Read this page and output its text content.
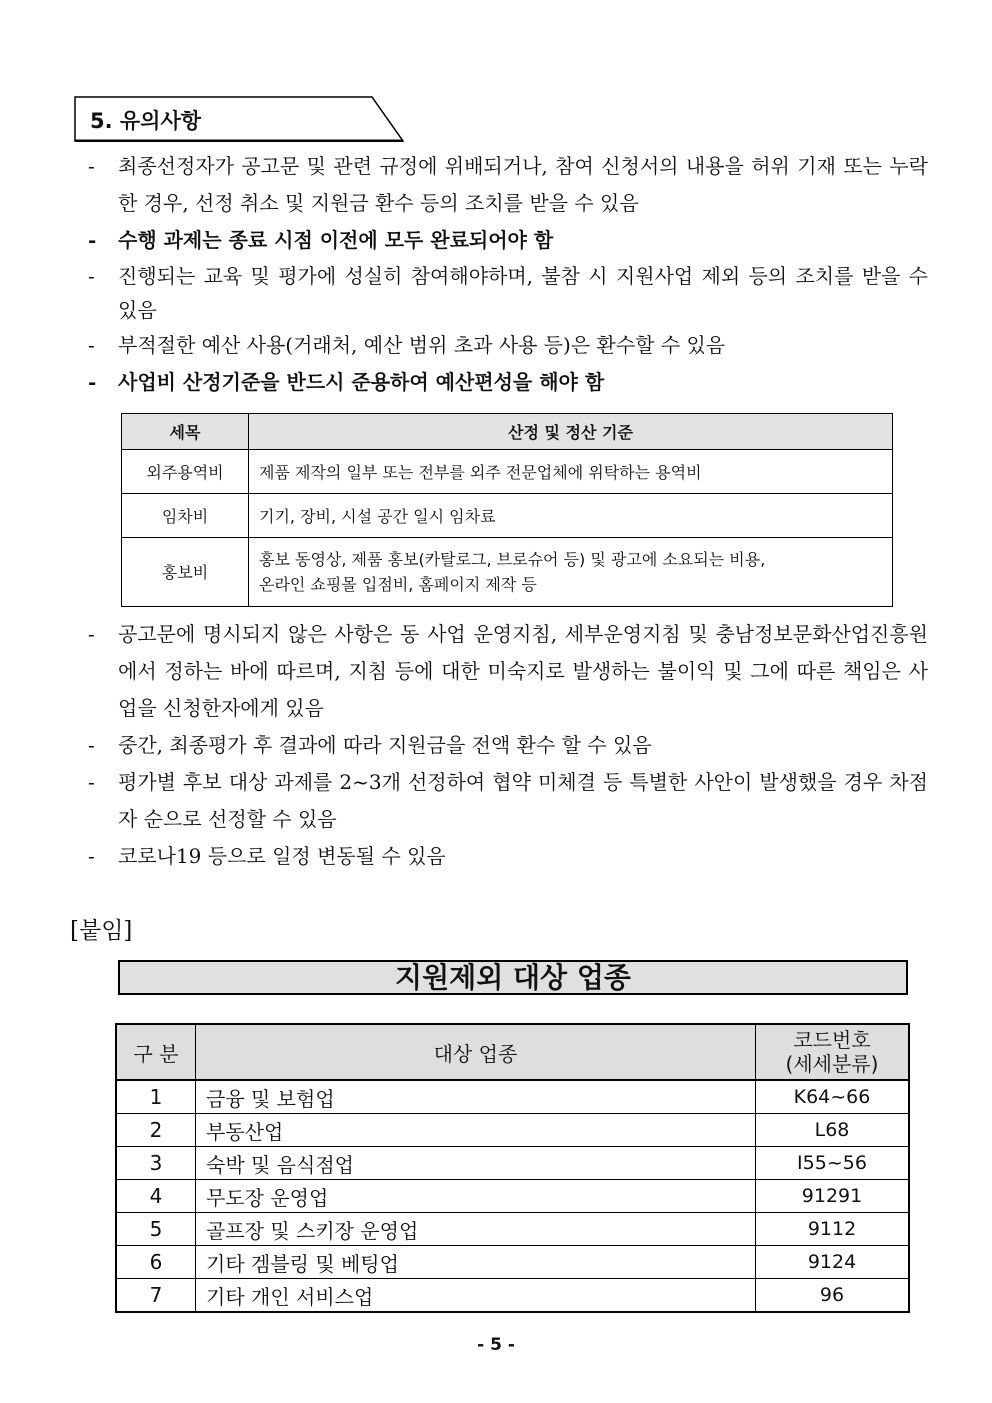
5. 유의사항
-	최종선정자가 공고문 및 관련 규정에 위배되거나, 참여 신청서의 내용을 허위 기재 또는 누락한 경우, 선정 취소 및 지원금 환수 등의 조치를 받을 수 있음
-	수행 과제는 종료 시점 이전에 모두 완료되어야 함
-	진행되는 교육 및 평가에 성실히 참여해야하며, 불참 시 지원사업 제외 등의 조치를 받을 수 있음
-	부적절한 예산 사용(거래처, 예산 범위 초과 사용 등)은 환수할 수 있음
-	사업비 산정기준을 반드시 준용하여 예산편성을 해야 함
세목	산정 및 정산 기준
외주용역비	제품 제작의 일부 또는 전부를 외주 전문업체에 위탁하는 용역비
임차비	기기, 장비, 시설 공간 일시 임차료
홍보비	홍보 동영상, 제품 홍보(카탈로그, 브로슈어 등) 및 광고에 소요되는 비용,
온라인 쇼핑몰 입점비, 홈페이지 제작 등
-	공고문에 명시되지 않은 사항은 동 사업 운영지침, 세부운영지침 및 충남정보문화산업진흥원에서 정하는 바에 따르며, 지침 등에 대한 미숙지로 발생하는 불이익 및 그에 따른 책임은 사업을 신청한자에게 있음
-	중간, 최종평가 후 결과에 따라 지원금을 전액 환수 할 수 있음
-	평가별 후보 대상 과제를 2~3개 선정하여 협약 미체결 등 특별한 사안이 발생했을 경우 차점자 순으로 선정할 수 있음
-	코로나19 등으로 일정 변동될 수 있음
[붙임]
지원제외 대상 업종
구 분	대상 업종	코드번호
(세세분류)

1	금융 및 보험업	K64~66
2	부동산업	L68
3	숙박 및 음식점업	I55~56
4	무도장 운영업	91291
5	골프장 및 스키장 운영업	9112
6	기타 겜블링 및 베팅업	9124
7	기타 개인 서비스업	96
- 5 -
